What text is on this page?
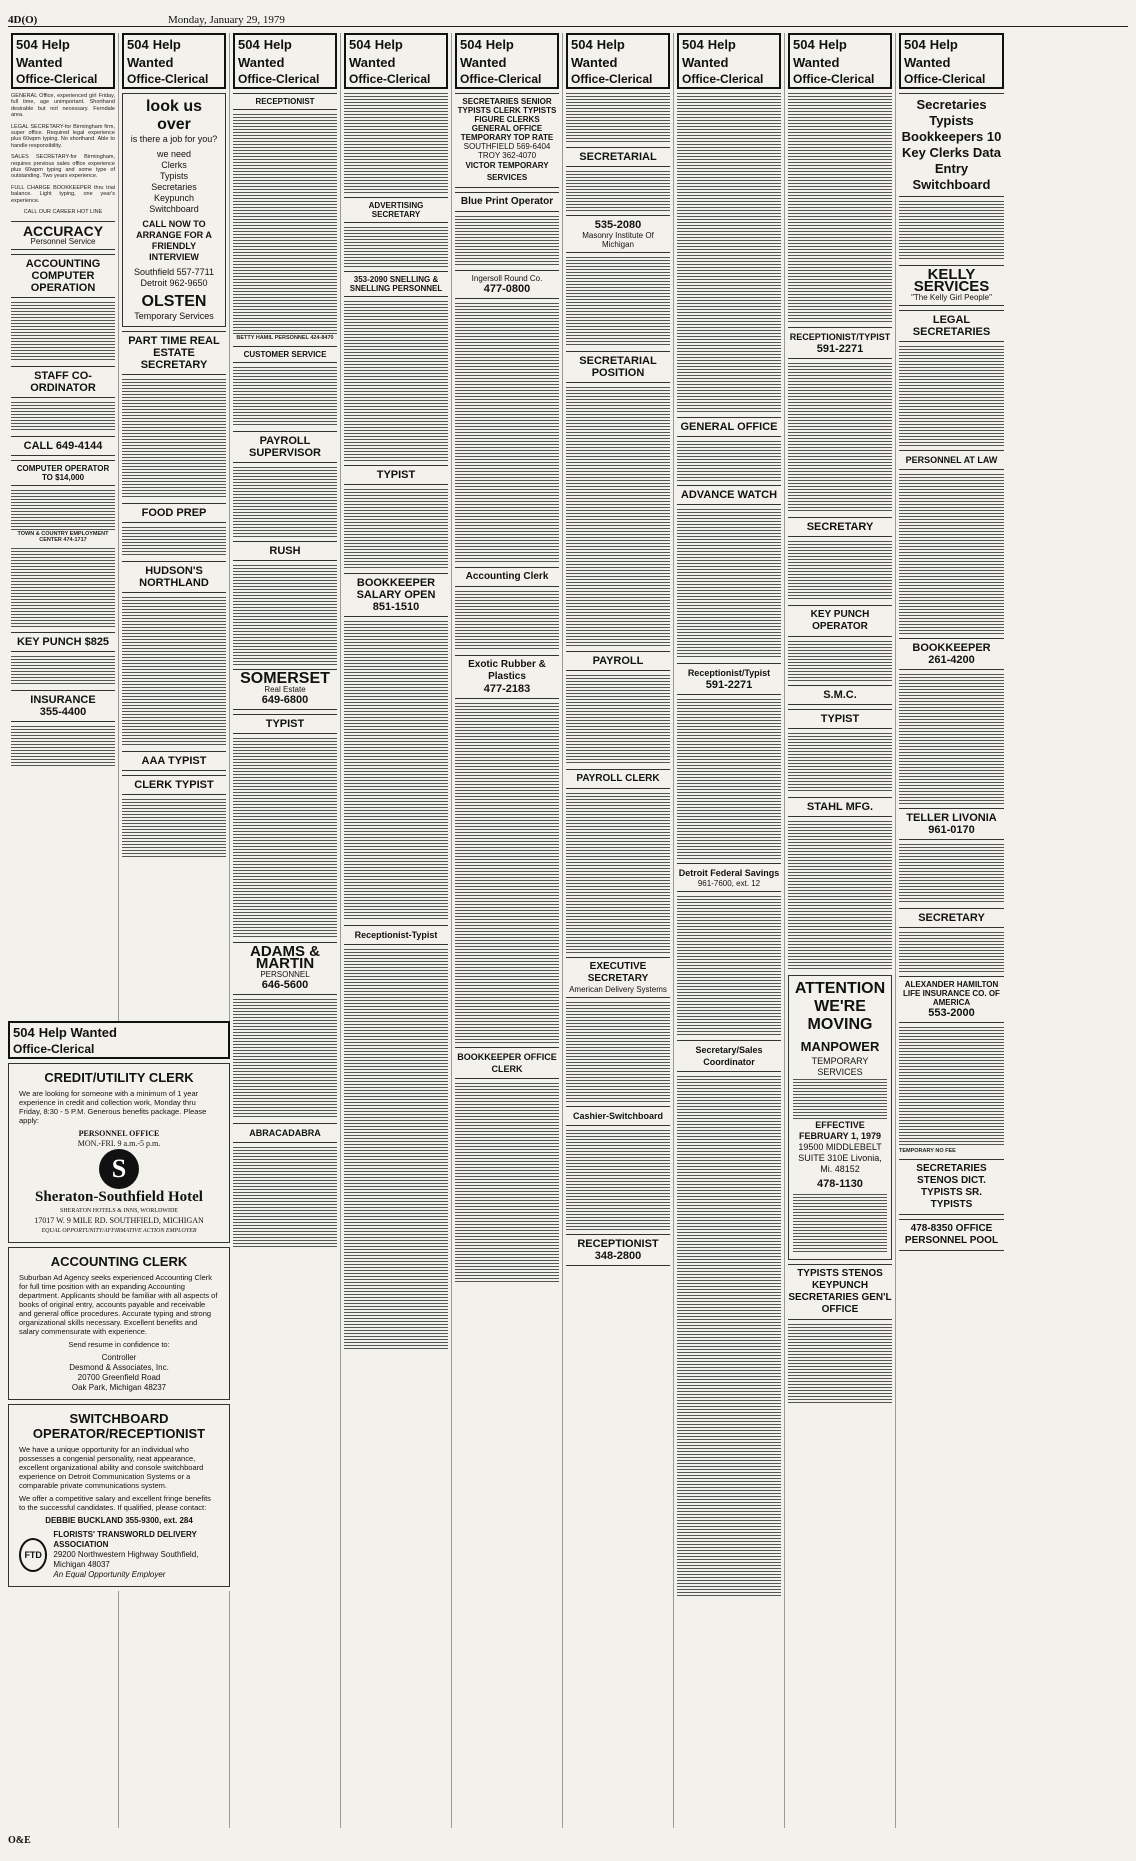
4D(O)	Monday, January 29, 1979
504 Help Wanted
Office-Clerical

GENERAL Office, experienced girl Friday, full time, age unimportant. Shorthand desirable but not necessary. Ferndale area.

LEGAL SECRETARY-for Birmingham firm, super office. Required legal experience plus 60wpm typing. No shorthand. Able to handle responsibility.

SALES SECRETARY-for Birmingham, requires previous sales office experience plus 60wpm typing and some type of outstanding. Two years experience.

FULL CHARGE BOOKKEEPER thru trial balance. Light typing, one year's experience.

CALL OUR CAREER HOT LINE

ACCURACY
Personnel Service
ACCOUNTING COMPUTER OPERATION
STAFF CO-ORDINATOR
CALL 649-4144
COMPUTER OPERATOR TO $14,000

TOWN & COUNTRY EMPLOYMENT CENTER 474-1717

KEY PUNCH $825
INSURANCE
355-4400
504 Help Wanted
Office-Clerical
look us over
is there a job for you?
we need
Clerks
Typists
Secretaries
Keypunch
Switchboard
CALL NOW TO ARRANGE FOR A FRIENDLY INTERVIEW
Southfield 557-7711
Detroit 962-9650
OLSTEN
Temporary Services
PART TIME REAL ESTATE SECRETARY
FOOD PREP
HUDSON'S NORTHLAND
AAA TYPIST
CLERK TYPIST
504 Help Wanted
Office-Clerical
RECEPTIONIST

BETTY HAMIL PERSONNEL 424-8470

CUSTOMER SERVICE
PAYROLL SUPERVISOR
RUSH
SOMERSET
Real Estate
649-6800
TYPIST
ADAMS & MARTIN
PERSONNEL
646-5600
ABRACADABRA
504 Help Wanted
Office-Clerical
ADVERTISING SECRETARY
353-2090 SNELLING & SNELLING PERSONNEL
TYPIST
BOOKKEEPER SALARY OPEN
851-1510
Receptionist-Typist
504 Help Wanted
Office-Clerical
SECRETARIES SENIOR TYPISTS CLERK TYPISTS FIGURE CLERKS GENERAL OFFICE TEMPORARY TOP RATE
SOUTHFIELD 569-6404
TROY 362-4070
VICTOR TEMPORARY SERVICES
Blue Print Operator
Ingersoll Round Co.
477-0800
Accounting Clerk
Exotic Rubber & Plastics
477-2183
BOOKKEEPER OFFICE CLERK
504 Help Wanted
Office-Clerical
SECRETARIAL
535-2080
Masonry Institute Of Michigan
SECRETARIAL POSITION
PAYROLL
PAYROLL CLERK
EXECUTIVE SECRETARY
American Delivery Systems
Cashier-Switchboard
RECEPTIONIST
348-2800
504 Help Wanted
Office-Clerical
GENERAL OFFICE
ADVANCE WATCH
Receptionist/Typist
591-2271
Detroit Federal Savings
961-7600, ext. 12
Secretary/Sales Coordinator
504 Help Wanted
Office-Clerical
RECEPTIONIST/TYPIST
591-2271
SECRETARY
KEY PUNCH OPERATOR
S.M.C.
TYPIST
STAHL MFG.
ATTENTION
WE'RE MOVING
MANPOWER
TEMPORARY SERVICES
EFFECTIVE FEBRUARY 1, 1979
19500 MIDDLEBELT SUITE 310E Livonia, Mi. 48152
478-1130
TYPISTS STENOS KEYPUNCH SECRETARIES GEN'L OFFICE
504 Help Wanted
Office-Clerical
Secretaries Typists Bookkeepers 10 Key Clerks Data Entry Switchboard
KELLY SERVICES
"The Kelly Girl People"
LEGAL SECRETARIES
PERSONNEL AT LAW
BOOKKEEPER
261-4200
TELLER LIVONIA
961-0170
SECRETARY
ALEXANDER HAMILTON LIFE INSURANCE CO. OF AMERICA
553-2000

TEMPORARY NO FEE

SECRETARIES STENOS DICT. TYPISTS SR. TYPISTS
478-8350 OFFICE PERSONNEL POOL
504 Help Wanted
Office-Clerical
CREDIT/UTILITY CLERK

We are looking for someone with a minimum of 1 year experience in credit and collection work, Monday thru Friday, 8:30 - 5 P.M. Generous benefits package. Please apply:

PERSONNEL OFFICE
MON.-FRI. 9 a.m.-5 p.m.
S
Sheraton-Southfield Hotel
SHERATON HOTELS & INNS, WORLDWIDE
17017 W. 9 MILE RD. SOUTHFIELD, MICHIGAN
EQUAL OPPORTUNITY/AFFIRMATIVE ACTION EMPLOYER
ACCOUNTING CLERK

Suburban Ad Agency seeks experienced Accounting Clerk for full time position with an expanding Accounting department. Applicants should be familiar with all aspects of books of original entry, accounts payable and receivable and general office procedures. Accurate typing and strong organizational skills necessary. Excellent benefits and salary commensurate with experience.

Send resume in confidence to:

Controller
Desmond & Associates, Inc.
20700 Greenfield Road
Oak Park, Michigan 48237
SWITCHBOARD OPERATOR/RECEPTIONIST

We have a unique opportunity for an individual who possesses a congenial personality, neat appearance, excellent organizational ability and console switchboard experience on Detroit Communication Systems or a comparable private communications system.

We offer a competitive salary and excellent fringe benefits to the successful candidates. If qualified, please contact:

DEBBIE BUCKLAND 355-9300, ext. 284
FTD
FLORISTS' TRANSWORLD DELIVERY ASSOCIATION
29200 Northwestern Highway Southfield, Michigan 48037
An Equal Opportunity Employer
O&E
